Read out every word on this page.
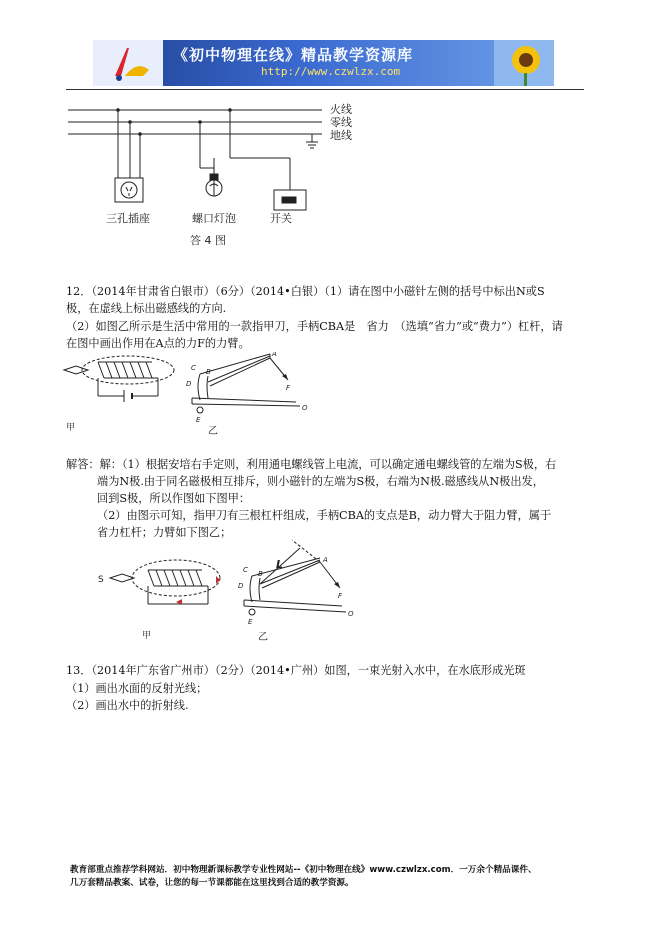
《初中物理在线》精品教学资源库
http://www.czwlzx.com
火线
零线
地线
三孔插座	螺口灯泡	开关
答 4 图
12．（2014年甘肃省白银市）（6分）（2014•白银）（1）请在图中小磁针左侧的括号中标出N或S
极，在虚线上标出磁感线的方向.
（2）如图乙所示是生活中常用的一款指甲刀，手柄CBA是　省力　（选填“省力”或“费力”）杠杆，请
在图中画出作用在A点的力F的力臂。
C B
D
A
F
E
O
甲	乙
解答：解：（1）根据安培右手定则，利用通电螺线管上电流，可以确定通电螺线管的左端为S极，右
端为N极.由于同名磁极相互排斥，则小磁针的左端为S极，右端为N极.磁感线从N极出发，
回到S极，所以作图如下图甲：
（2）由图示可知，指甲刀有三根杠杆组成，手柄CBA的支点是B，动力臂大于阻力臂，属于
省力杠杆；力臂如下图乙；
S
L
C B
D
A
F
E
O
甲	乙
13．（2014年广东省广州市）（2分）（2014•广州）如图，一束光射入水中，在水底形成光斑
（1）画出水面的反射光线；
（2）画出水中的折射线.
教育部重点推荐学科网站．初中物理新课标教学专业性网站--《初中物理在线》www.czwlzx.com．一万余个精品课件、
几万套精品教案、试卷，让您的每一节课都能在这里找到合适的教学资源。
